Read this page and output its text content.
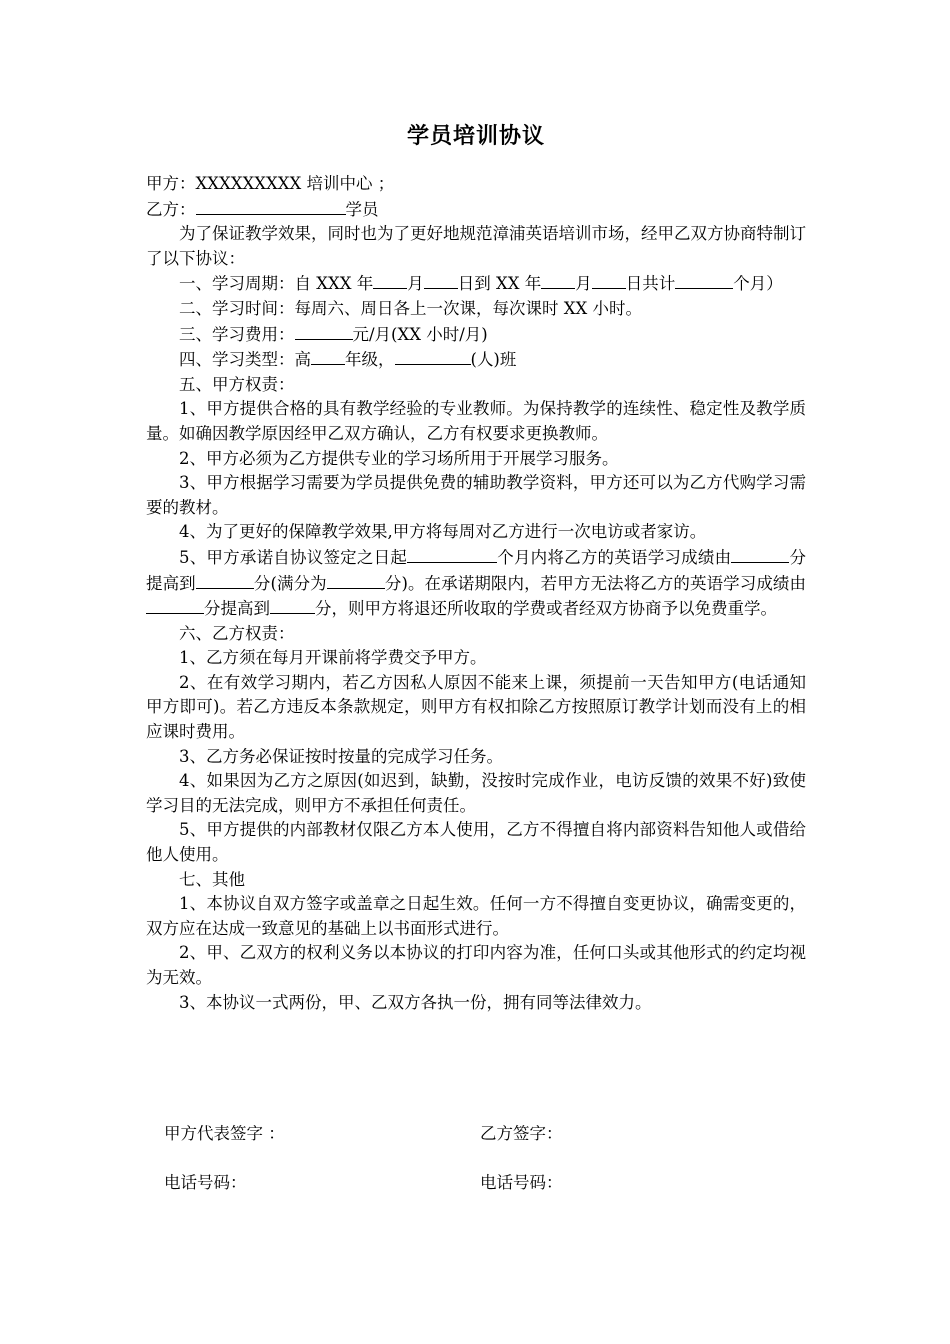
学员培训协议
甲方：XXXXXXXXX 培训中心 ；
乙方：	学员

为了保证教学效果，同时也为了更好地规范漳浦英语培训市场，经甲乙双方协商特制订了以下协议：

一、学习周期：自 XXX 年 月 日到 XX 年 月 日共计	个月）

二、学习时间：每周六、周日各上一次课，每次课时 XX 小时。

三、学习费用：	元/月(XX 小时/月)

四、学习类型：高 年级，	(人)班

五、甲方权责：

1、甲方提供合格的具有教学经验的专业教师。为保持教学的连续性、稳定性及教学质量。如确因教学原因经甲乙双方确认，乙方有权要求更换教师。

2、甲方必须为乙方提供专业的学习场所用于开展学习服务。

3、甲方根据学习需要为学员提供免费的辅助教学资料，甲方还可以为乙方代购学习需要的教材。

4、为了更好的保障教学效果,甲方将每周对乙方进行一次电访或者家访。

5、甲方承诺自协议签定之日起	个月内将乙方的英语学习成绩由	分提高到	分(满分为	分)。在承诺期限内，若甲方无法将乙方的英语学习成绩由分提高到	分，则甲方将退还所收取的学费或者经双方协商予以免费重学。

六、乙方权责：

1、乙方须在每月开课前将学费交予甲方。

2、在有效学习期内，若乙方因私人原因不能来上课，须提前一天告知甲方(电话通知甲方即可)。若乙方违反本条款规定，则甲方有权扣除乙方按照原订教学计划而没有上的相应课时费用。

3、乙方务必保证按时按量的完成学习任务。

4、如果因为乙方之原因(如迟到，缺勤，没按时完成作业，电访反馈的效果不好)致使学习目的无法完成，则甲方不承担任何责任。

5、甲方提供的内部教材仅限乙方本人使用，乙方不得擅自将内部资料告知他人或借给他人使用。

七、其他

1、本协议自双方签字或盖章之日起生效。任何一方不得擅自变更协议，确需变更的，双方应在达成一致意见的基础上以书面形式进行。

2、甲、乙双方的权利义务以本协议的打印内容为准，任何口头或其他形式的约定均视为无效。

3、本协议一式两份，甲、乙双方各执一份，拥有同等法律效力。

甲方代表签字 ：	乙方签字：
电话号码：	电话号码：
